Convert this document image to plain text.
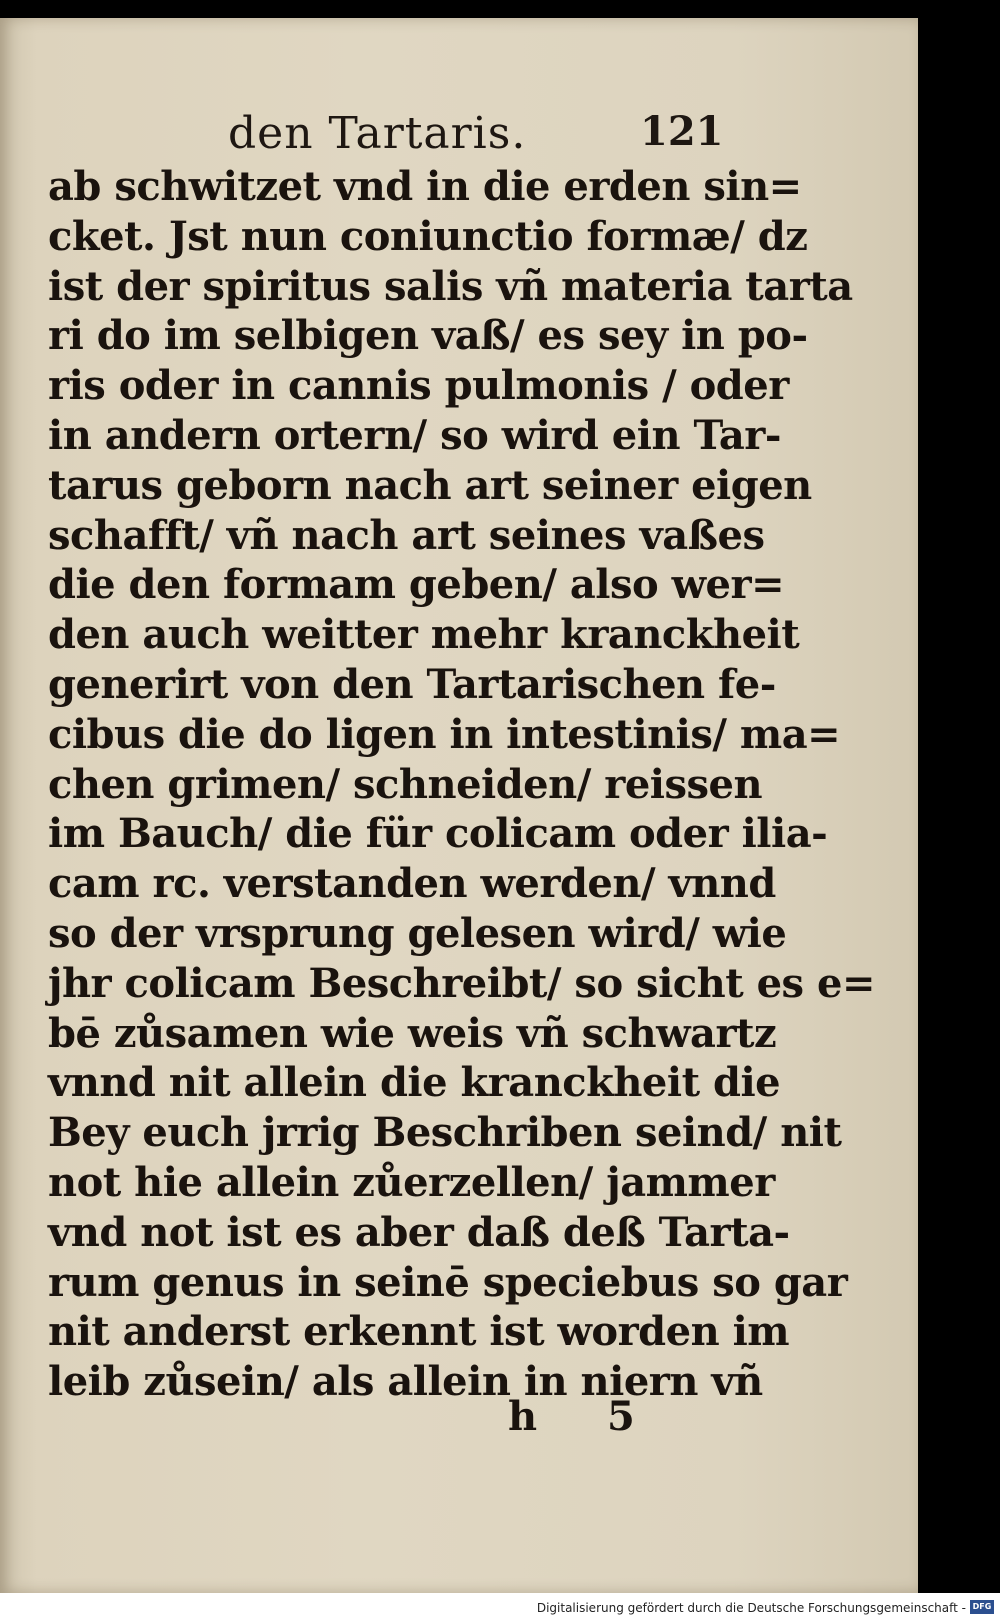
den Tartaris.	121
ab schwitzet vnd in die erden sin=
cket. Jst nun coniunctio formæ/ dz
ist der spiritus salis vñ materia tarta
ri do im selbigen vaß/ es sey in po-
ris oder in cannis pulmonis / oder
in andern ortern/ so wird ein Tar-
tarus geborn nach art seiner eigen
schafft/ vñ nach art seines vaßes
die den formam geben/ also wer=
den auch weitter mehr kranckheit
generirt von den Tartarischen fe-
cibus die do ligen in intestinis/ ma=
chen grimen/ schneiden/ reissen
im Bauch/ die für colicam oder ilia-
cam rc. verstanden werden/ vnnd
so der vrsprung gelesen wird/ wie
jhr colicam Beschreibt/ so sicht es e=
bē zůsamen wie weis vñ schwartz
vnnd nit allein die kranckheit die
Bey euch jrrig Beschriben seind/ nit
not hie allein zůerzellen/ jammer
vnd not ist es aber daß deß Tarta-
rum genus in seinē speciebus so gar
nit anderst erkennt ist worden im
leib zůsein/ als allein in niern vñ
h 5
Digitalisierung gefördert durch die Deutsche Forschungsgemeinschaft - DFG
